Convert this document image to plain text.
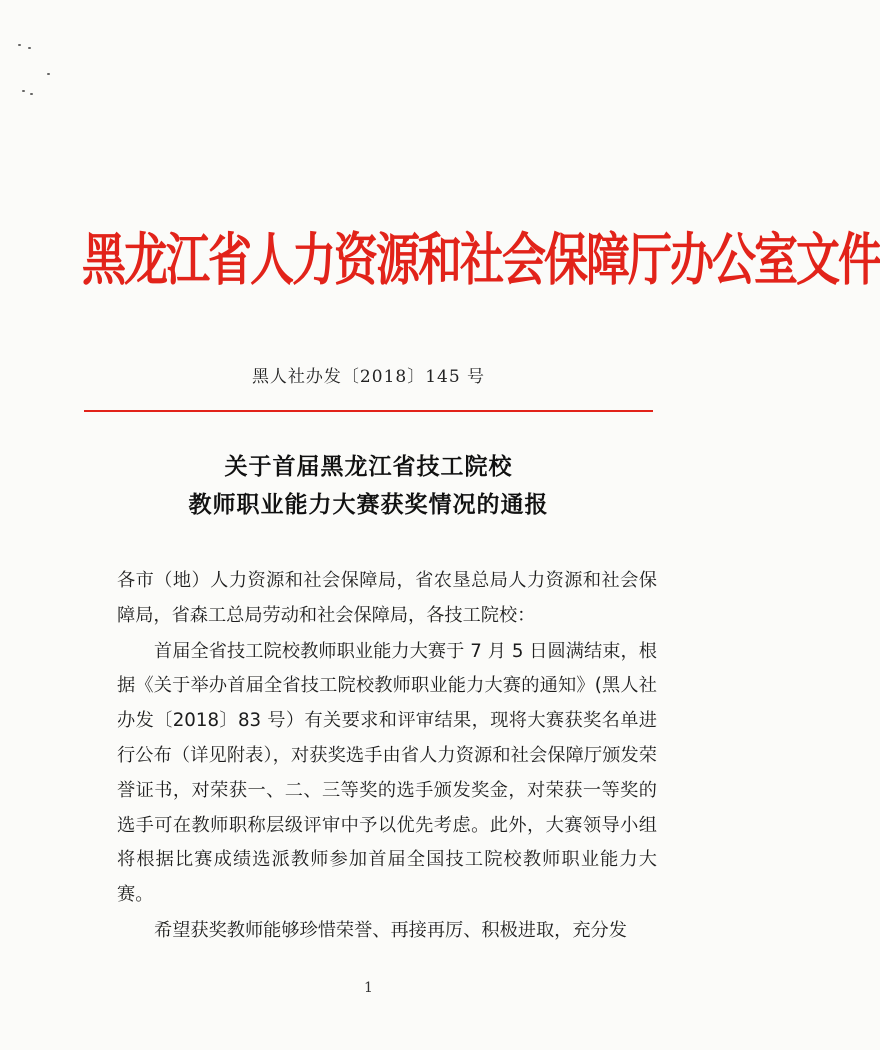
黑龙江省人力资源和社会保障厅办公室文件
黑人社办发〔2018〕145 号
关于首届黑龙江省技工院校
教师职业能力大赛获奖情况的通报

各市（地）人力资源和社会保障局，省农垦总局人力资源和社会保障局，省森工总局劳动和社会保障局，各技工院校：

首届全省技工院校教师职业能力大赛于 7 月 5 日圆满结束，根据《关于举办首届全省技工院校教师职业能力大赛的通知》(黑人社办发〔2018〕83 号）有关要求和评审结果，现将大赛获奖名单进行公布（详见附表），对获奖选手由省人力资源和社会保障厅颁发荣誉证书，对荣获一、二、三等奖的选手颁发奖金，对荣获一等奖的选手可在教师职称层级评审中予以优先考虑。此外，大赛领导小组将根据比赛成绩选派教师参加首届全国技工院校教师职业能力大赛。

希望获奖教师能够珍惜荣誉、再接再厉、积极进取，充分发

1
